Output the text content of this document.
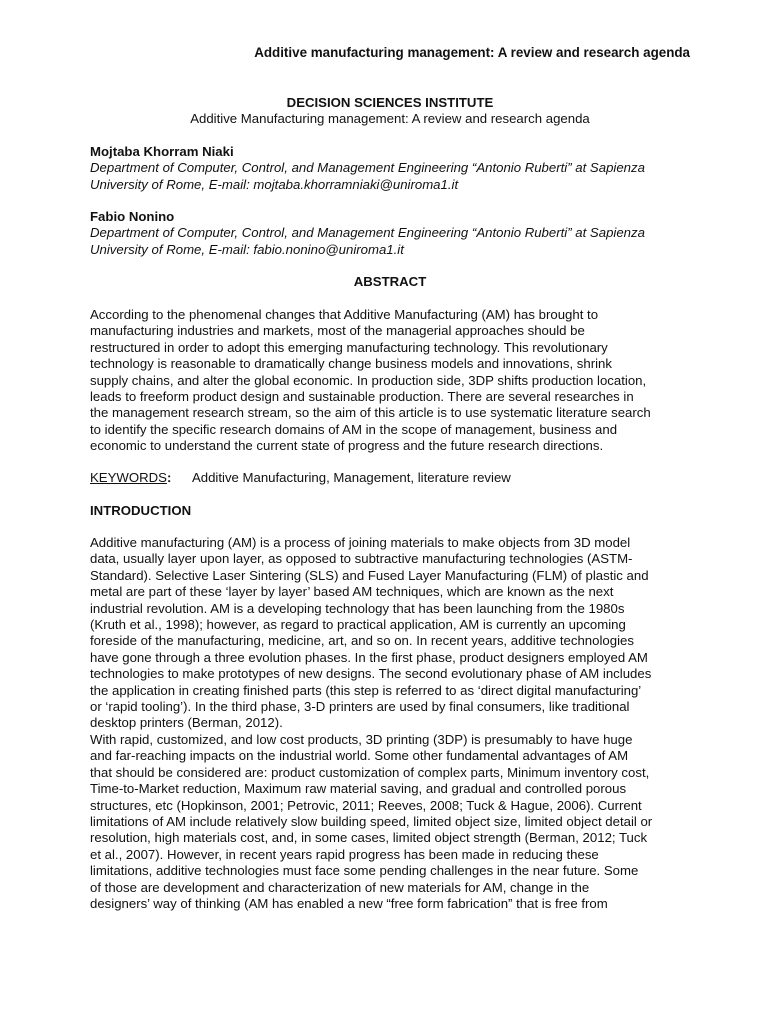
Additive manufacturing management: A review and research agenda
DECISION SCIENCES INSTITUTE
Additive Manufacturing management: A review and research agenda
Mojtaba Khorram Niaki
Department of Computer, Control, and Management Engineering “Antonio Ruberti” at Sapienza
University of Rome, E-mail: mojtaba.khorramniaki@uniroma1.it
Fabio Nonino
Department of Computer, Control, and Management Engineering “Antonio Ruberti” at Sapienza
University of Rome, E-mail: fabio.nonino@uniroma1.it
ABSTRACT
According to the phenomenal changes that Additive Manufacturing (AM) has brought to
manufacturing industries and markets, most of the managerial approaches should be
restructured in order to adopt this emerging manufacturing technology. This revolutionary
technology is reasonable to dramatically change business models and innovations, shrink
supply chains, and alter the global economic. In production side, 3DP shifts production location,
leads to freeform product design and sustainable production. There are several researches in
the management research stream, so the aim of this article is to use systematic literature search
to identify the specific research domains of AM in the scope of management, business and
economic to understand the current state of progress and the future research directions.
KEYWORDS: Additive Manufacturing, Management, literature review
INTRODUCTION
Additive manufacturing (AM) is a process of joining materials to make objects from 3D model
data, usually layer upon layer, as opposed to subtractive manufacturing technologies (ASTM-
Standard). Selective Laser Sintering (SLS) and Fused Layer Manufacturing (FLM) of plastic and
metal are part of these ‘layer by layer’ based AM techniques, which are known as the next
industrial revolution. AM is a developing technology that has been launching from the 1980s
(Kruth et al., 1998); however, as regard to practical application, AM is currently an upcoming
foreside of the manufacturing, medicine, art, and so on. In recent years, additive technologies
have gone through a three evolution phases. In the first phase, product designers employed AM
technologies to make prototypes of new designs. The second evolutionary phase of AM includes
the application in creating finished parts (this step is referred to as ‘direct digital manufacturing’
or ‘rapid tooling’). In the third phase, 3-D printers are used by final consumers, like traditional
desktop printers (Berman, 2012).
With rapid, customized, and low cost products, 3D printing (3DP) is presumably to have huge
and far-reaching impacts on the industrial world. Some other fundamental advantages of AM
that should be considered are: product customization of complex parts, Minimum inventory cost,
Time-to-Market reduction, Maximum raw material saving, and gradual and controlled porous
structures, etc (Hopkinson, 2001; Petrovic, 2011; Reeves, 2008; Tuck & Hague, 2006). Current
limitations of AM include relatively slow building speed, limited object size, limited object detail or
resolution, high materials cost, and, in some cases, limited object strength (Berman, 2012; Tuck
et al., 2007). However, in recent years rapid progress has been made in reducing these
limitations, additive technologies must face some pending challenges in the near future. Some
of those are development and characterization of new materials for AM, change in the
designers’ way of thinking (AM has enabled a new “free form fabrication” that is free from
